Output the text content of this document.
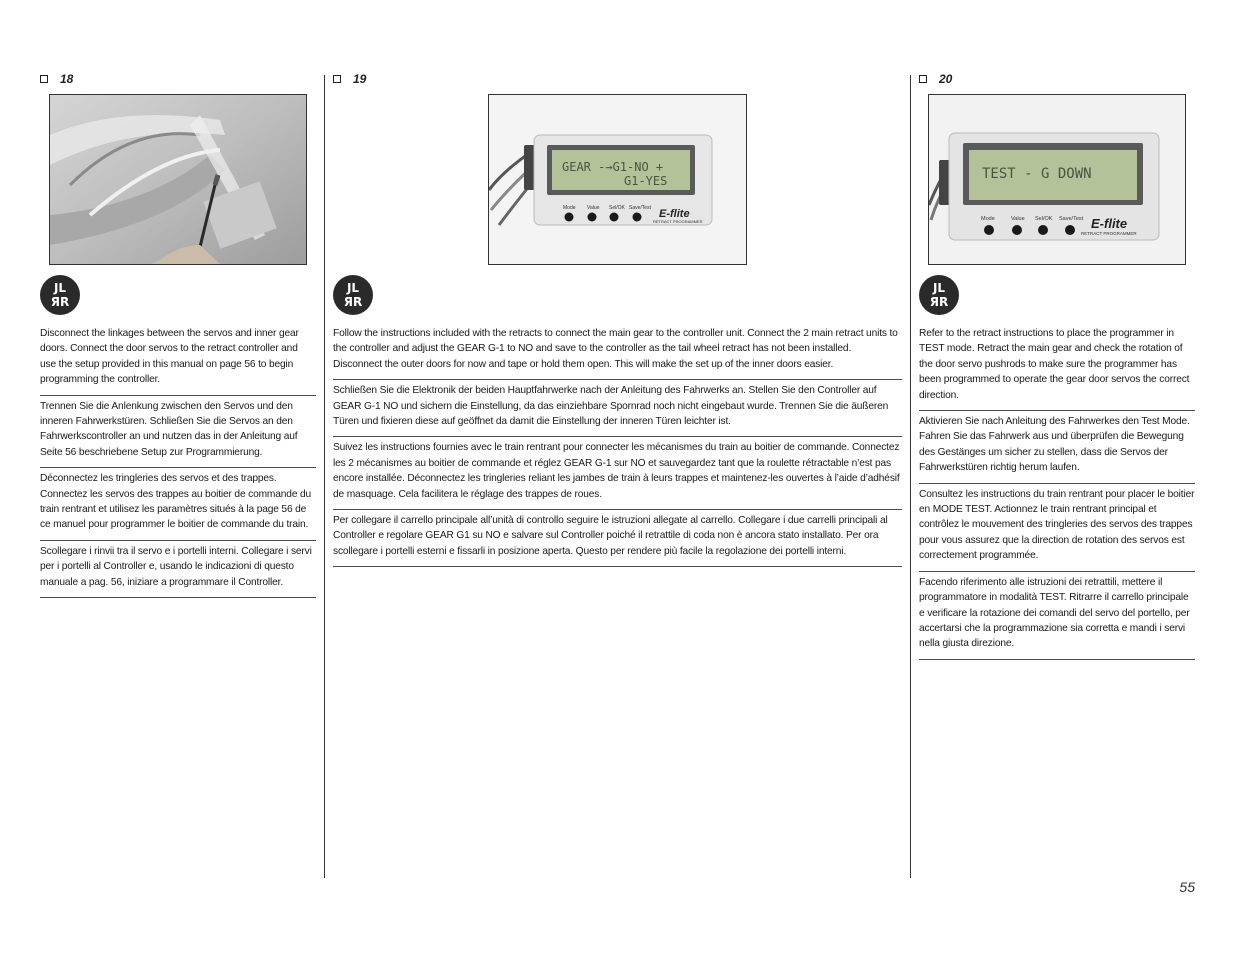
18
JL
ЯR
Disconnect the linkages between the servos and inner gear doors. Connect the door servos to the retract controller and use the setup provided in this manual on page 56 to begin programming the controller.
Trennen Sie die Anlenkung zwischen den Servos und den inneren Fahrwerkstüren. Schließen Sie die Servos an den Fahrwerkscontroller an und nutzen das in der Anleitung auf Seite 56 beschriebene Setup zur Programmierung.
Déconnectez les tringleries des servos et des trappes. Connectez les servos des trappes au boitier de commande du train rentrant et utilisez les paramètres situés à la page 56 de ce manuel pour programmer le boitier de commande du train.
Scollegare i rinvii tra il servo e i portelli interni. Collegare i servi per i portelli al Controller e, usando le indicazioni di questo manuale a pag. 56, iniziare a programmare il Controller.
19
GEAR -→G1-NO +
G1-YES
Mode Value Sel/OK Save/Test E-flite
RETRACT PROGRAMMER
JL
ЯR
Follow the instructions included with the retracts to connect the main gear to the controller unit. Connect the 2 main retract units to the controller and adjust the GEAR G-1 to NO and save to the controller as the tail wheel retract has not been installed. Disconnect the outer doors for now and tape or hold them open. This will make the set up of the inner doors easier.
Schließen Sie die Elektronik der beiden Hauptfahrwerke nach der Anleitung des Fahrwerks an. Stellen Sie den Controller auf GEAR G-1 NO und sichern die Einstellung, da das einziehbare Spornrad noch nicht eingebaut wurde. Trennen Sie die äußeren Türen und fixieren diese auf geöffnet da damit die Einstellung der inneren Türen leichter ist.
Suivez les instructions fournies avec le train rentrant pour connecter les mécanismes du train au boitier de commande. Connectez les 2 mécanismes au boitier de commande et réglez GEAR G-1 sur NO et sauvegardez tant que la roulette rétractable n’est pas encore installée. Déconnectez les tringleries reliant les jambes de train à leurs trappes et maintenez-les ouvertes à l’aide d’adhésif de masquage. Cela facilitera le réglage des trappes de roues.
Per collegare il carrello principale all’unità di controllo seguire le istruzioni allegate al carrello. Collegare i due carrelli principali al Controller e regolare GEAR G1 su NO e salvare sul Controller poiché il retrattile di coda non è ancora stato installato. Per ora scollegare i portelli esterni e fissarli in posizione aperta. Questo per rendere più facile la regolazione dei portelli interni.
20
TEST - G DOWN
Mode	Value Sel/OK Save/Test E-flite
RETRACT PROGRAMMER
JL
ЯR
Refer to the retract instructions to place the programmer in TEST mode. Retract the main gear and check the rotation of the door servo pushrods to make sure the programmer has been programmed to operate the gear door servos the correct direction.
Aktivieren Sie nach Anleitung des Fahrwerkes den Test Mode. Fahren Sie das Fahrwerk aus und überprüfen die Bewegung des Gestänges um sicher zu stellen, dass die Servos der Fahrwerkstüren richtig herum laufen.
Consultez les instructions du train rentrant pour placer le boitier en MODE TEST. Actionnez le train rentrant principal et contrôlez le mouvement des tringleries des servos des trappes pour vous assurez que la direction de rotation des servos est correctement programmée.
Facendo riferimento alle istruzioni dei retrattili, mettere il programmatore in modalità TEST. Ritrarre il carrello principale e verificare la rotazione dei comandi del servo del portello, per accertarsi che la programmazione sia corretta e mandi i servi nella giusta direzione.
55
